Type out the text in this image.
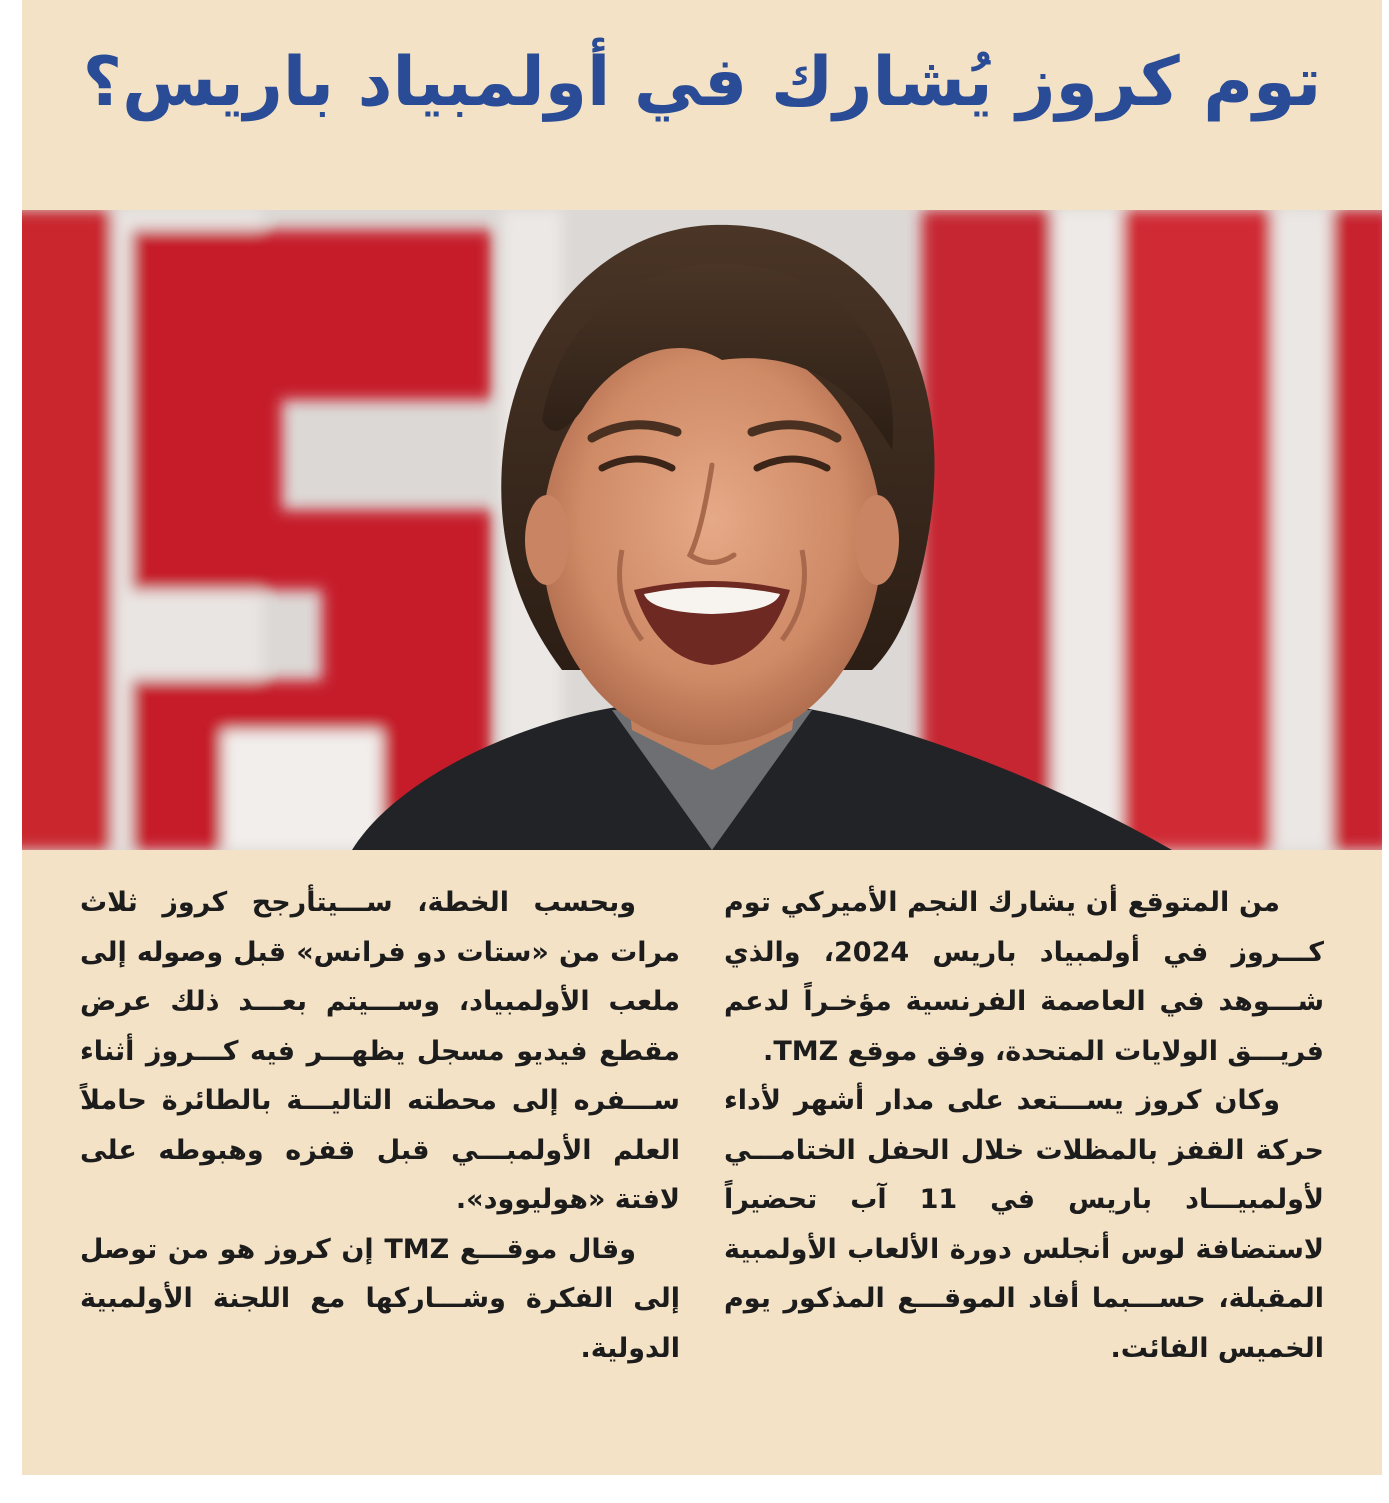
توم كروز يُشارك في أولمبياد باريس؟

من المتوقع أن يشارك النجم الأميركي توم كـــروز في أولمبياد باريس 2024، والذي شـــوهد في العاصمة الفرنسية مؤخـراً لدعم فريـــق الولايات المتحدة، وفق موقع TMZ.

وكان كروز يســـتعد على مدار أشهر لأداء حركة القفز بالمظلات خلال الحفل الختامـــي لأولمبيـــاد باريس في 11 آب تحضيراً لاستضافة لوس أنجلس دورة الألعاب الأولمبية المقبلة، حســـبما أفاد الموقـــع المذكور يوم الخميس الفائت.

وبحسب الخطة، ســـيتأرجح كروز ثلاث مرات من «ستات دو فرانس» قبل وصوله إلى ملعب الأولمبياد، وســـيتم بعـــد ذلك عرض مقطع فيديو مسجل يظهـــر فيه كـــروز أثناء ســـفره إلى محطته التاليـــة بالطائرة حاملاً العلم الأولمبـــي قبل قفزه وهبوطه على لافتة «هوليوود».

وقال موقـــع TMZ إن كروز هو من توصل إلى الفكرة وشـــاركها مع اللجنة الأولمبية الدولية.
